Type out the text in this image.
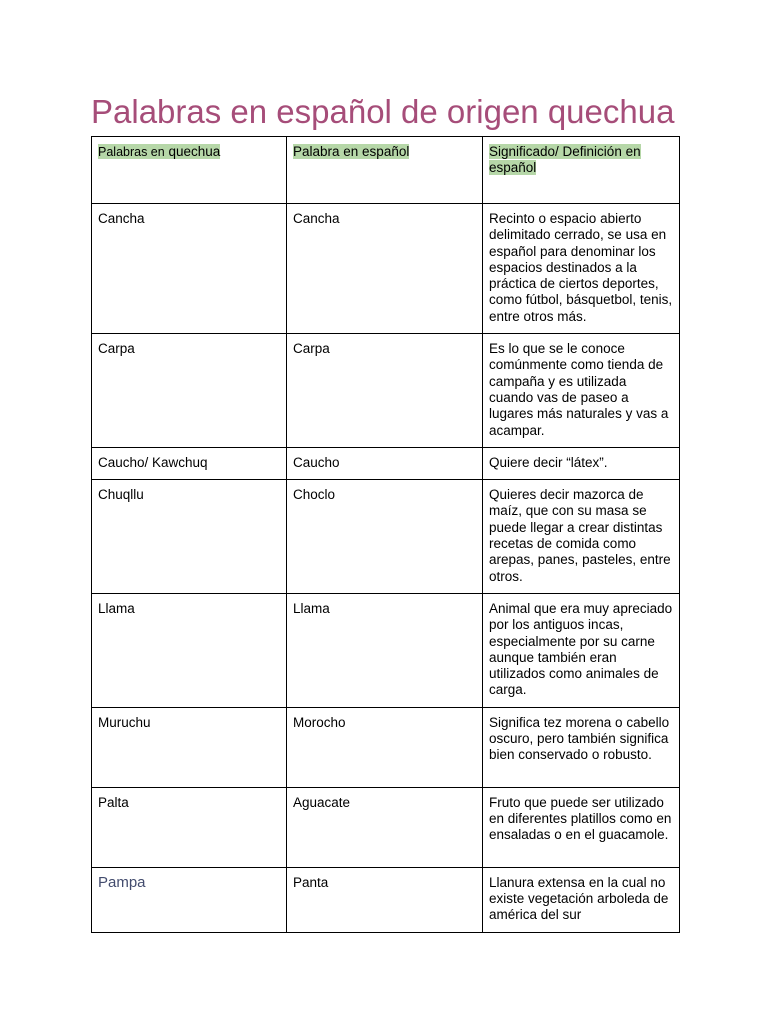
Palabras en español de origen quechua
Palabras en quechua	Palabra en español	Significado/ Definición en español
Cancha	Cancha	Recinto o espacio abierto delimitado cerrado, se usa en español para denominar los espacios destinados a la práctica de ciertos deportes, como fútbol, básquetbol, tenis, entre otros más.
Carpa	Carpa	Es lo que se le conoce comúnmente como tienda de campaña y es utilizada cuando vas de paseo a lugares más naturales y vas a acampar.
Caucho/ Kawchuq	Caucho	Quiere decir “látex”.
Chuqllu	Choclo	Quieres decir mazorca de maíz, que con su masa se puede llegar a crear distintas recetas de comida como arepas, panes, pasteles, entre otros.
Llama	Llama	Animal que era muy apreciado por los antiguos incas, especialmente por su carne aunque también eran utilizados como animales de carga.
Muruchu	Morocho	Significa tez morena o cabello oscuro, pero también significa bien conservado o robusto.
Palta	Aguacate	Fruto que puede ser utilizado en diferentes platillos como en ensaladas o en el guacamole.
Pampa	Panta	Llanura extensa en la cual no existe vegetación arboleda de américa del sur
